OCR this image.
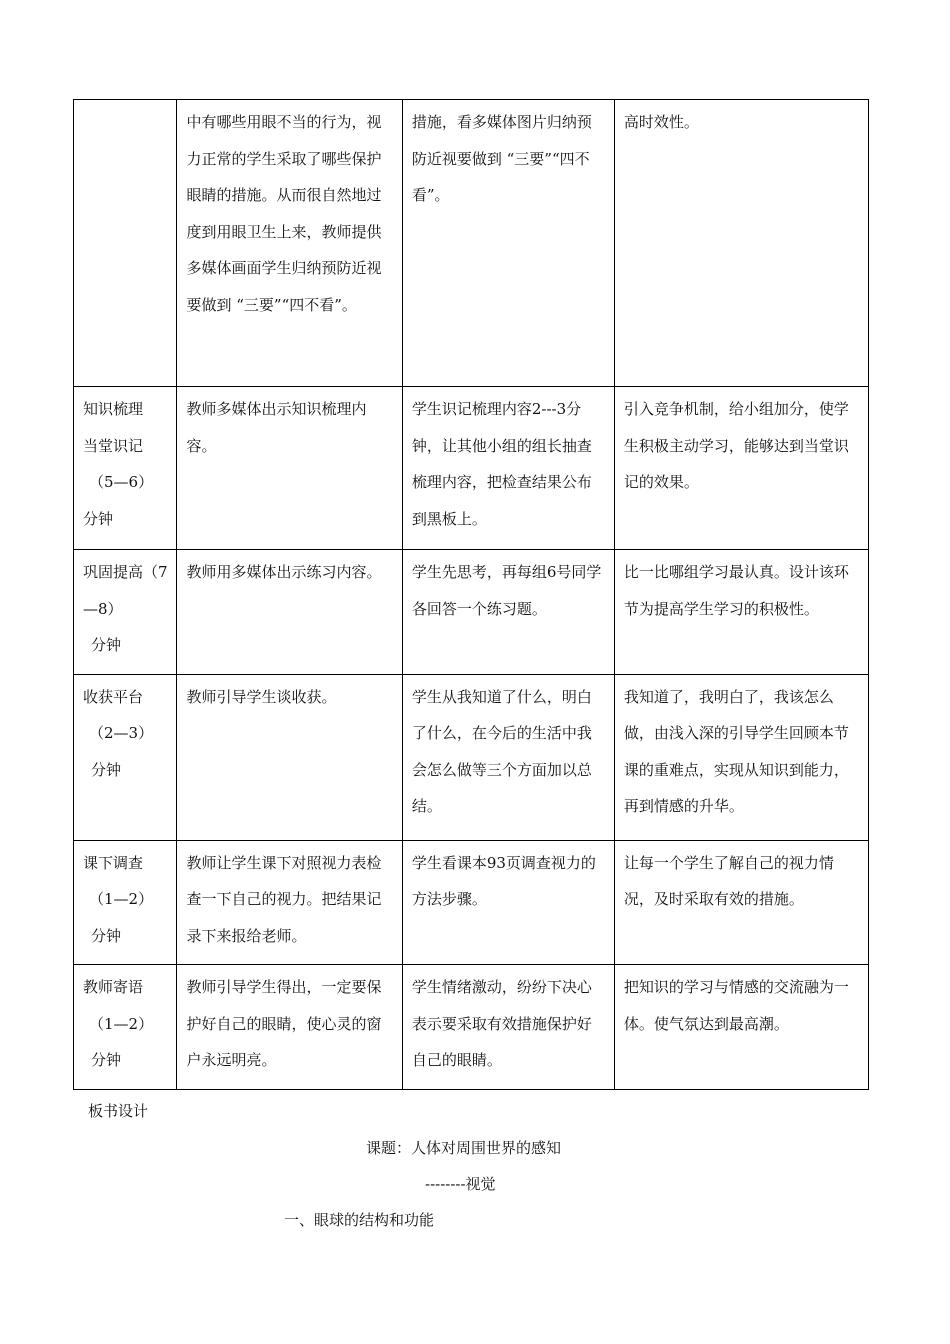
	中有哪些用眼不当的行为，视力正常的学生采取了哪些保护眼睛的措施。从而很自然地过度到用眼卫生上来，教师提供多媒体画面学生归纳预防近视要做到 “三要”“四不看”。	措施，看多媒体图片归纳预防近视要做到 “三要”“四不看”。	高时效性。

知识梳理
当堂识记
（5—6）
分钟	教师多媒体出示知识梳理内容。	学生识记梳理内容2---3分钟，让其他小组的组长抽查梳理内容，把检查结果公布到黑板上。	引入竞争机制，给小组加分，使学生积极主动学习，能够达到当堂识记的效果。

巩固提高（7
—8）
分钟	教师用多媒体出示练习内容。	学生先思考，再每组6号同学各回答一个练习题。	比一比哪组学习最认真。设计该环节为提高学生学习的积极性。

收获平台
（2—3）
分钟	教师引导学生谈收获。	学生从我知道了什么，明白了什么，在今后的生活中我会怎么做等三个方面加以总结。	我知道了，我明白了，我该怎么做，由浅入深的引导学生回顾本节课的重难点，实现从知识到能力，再到情感的升华。

课下调查
（1—2）
分钟	教师让学生课下对照视力表检查一下自己的视力。把结果记录下来报给老师。	学生看课本93页调查视力的方法步骤。	让每一个学生了解自己的视力情况，及时采取有效的措施。

教师寄语
（1—2）
分钟	教师引导学生得出，一定要保护好自己的眼睛，使心灵的窗户永远明亮。	学生情绪激动，纷纷下决心表示要采取有效措施保护好自己的眼睛。	把知识的学习与情感的交流融为一体。使气氛达到最高潮。
板书设计
课题：人体对周围世界的感知
--------视觉
一、眼球的结构和功能
